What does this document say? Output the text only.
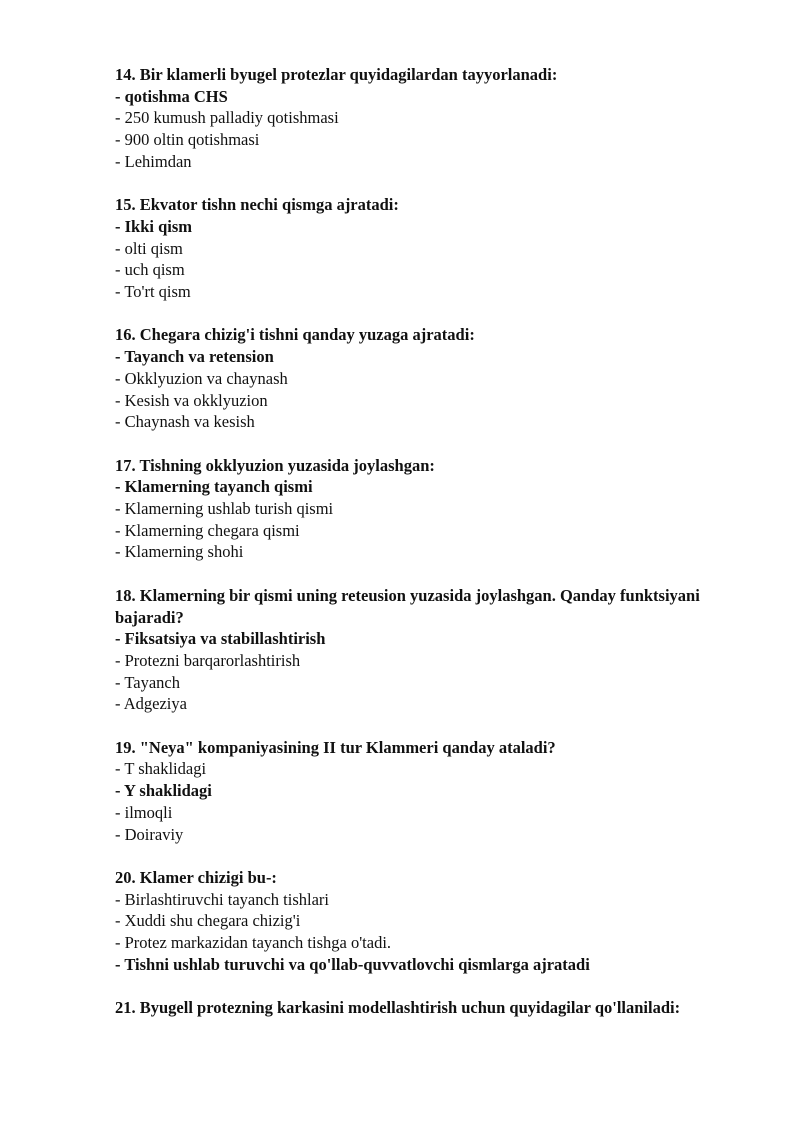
14. Bir klamerli byugel protezlar quyidagilardan tayyorlanadi:
- qotishma CHS
- 250 kumush palladiy qotishmasi
- 900 oltin qotishmasi
- Lehimdan
15. Ekvator tishn nechi qismga ajratadi:
- Ikki qism
- olti qism
- uch qism
- To'rt qism
16. Chegara chizig'i tishni qanday yuzaga ajratadi:
- Tayanch va retension
- Okklyuzion va chaynash
- Kesish va okklyuzion
- Chaynash va kesish
17. Tishning okklyuzion yuzasida joylashgan:
- Klamerning tayanch qismi
- Klamerning ushlab turish qismi
- Klamerning chegara qismi
- Klamerning shohi
18. Klamerning bir qismi uning reteusion yuzasida joylashgan. Qanday funktsiyani bajaradi?
- Fiksatsiya va stabillashtirish
- Protezni barqarorlashtirish
- Tayanch
- Adgeziya
19. "Neya" kompaniyasining II tur Klammeri qanday ataladi?
- T shaklidagi
- Y shaklidagi
- ilmoqli
- Doiraviy
20. Klamer chizigi bu-:
- Birlashtiruvchi tayanch tishlari
- Xuddi shu chegara chizig'i
- Protez markazidan tayanch tishga o'tadi.
- Tishni ushlab turuvchi va qo'llab-quvvatlovchi qismlarga ajratadi
21. Byugell protezning karkasini modellashtirish uchun quyidagilar qo'llaniladi:
